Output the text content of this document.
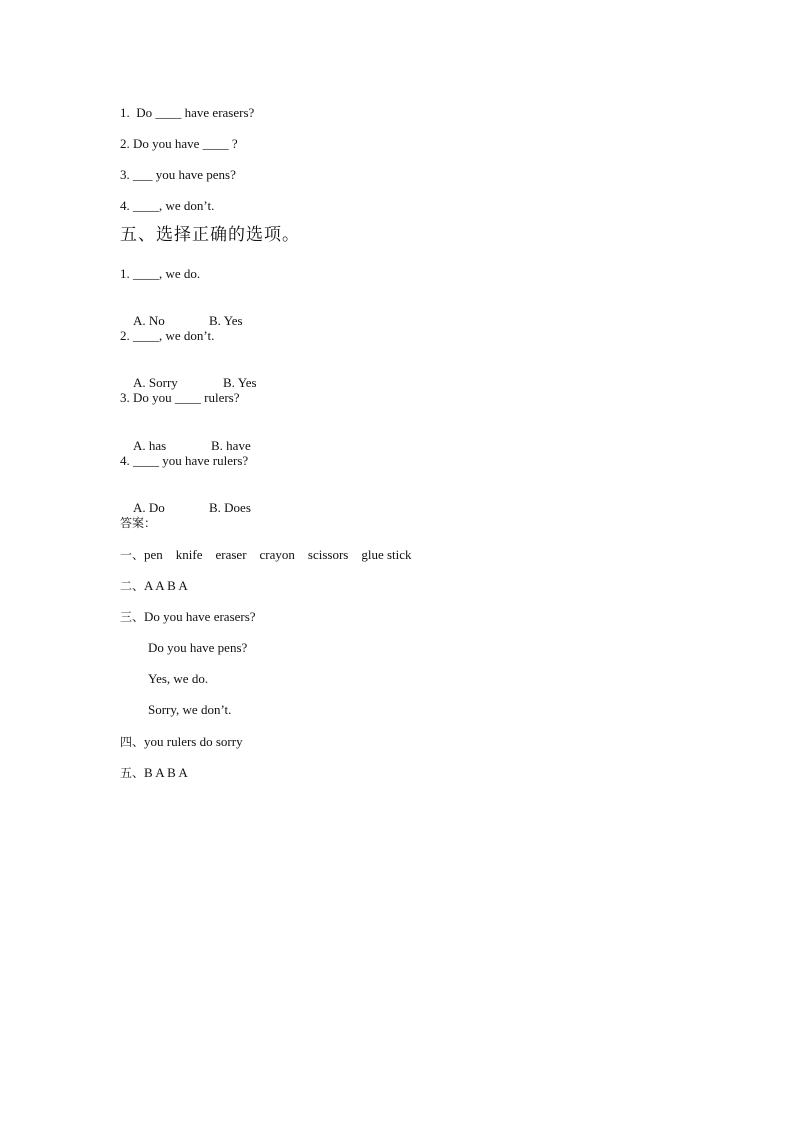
1.  Do ____ have erasers?
2. Do you have ____ ?
3. ___ you have pens?
4. ____, we don’t.
五、选择正确的选项。
1. ____, we do.

A. No	B. Yes

2. ____, we don’t.

A. Sorry	B. Yes

3. Do you ____ rulers?

A. has	B. have

4. ____ you have rulers?

A. Do	B. Does

答案：
一、pen    knife    eraser    crayon    scissors    glue stick
二、A A B A
三、Do you have erasers?
Do you have pens?
Yes, we do.
Sorry, we don’t.
四、you rulers do sorry
五、B A B A
